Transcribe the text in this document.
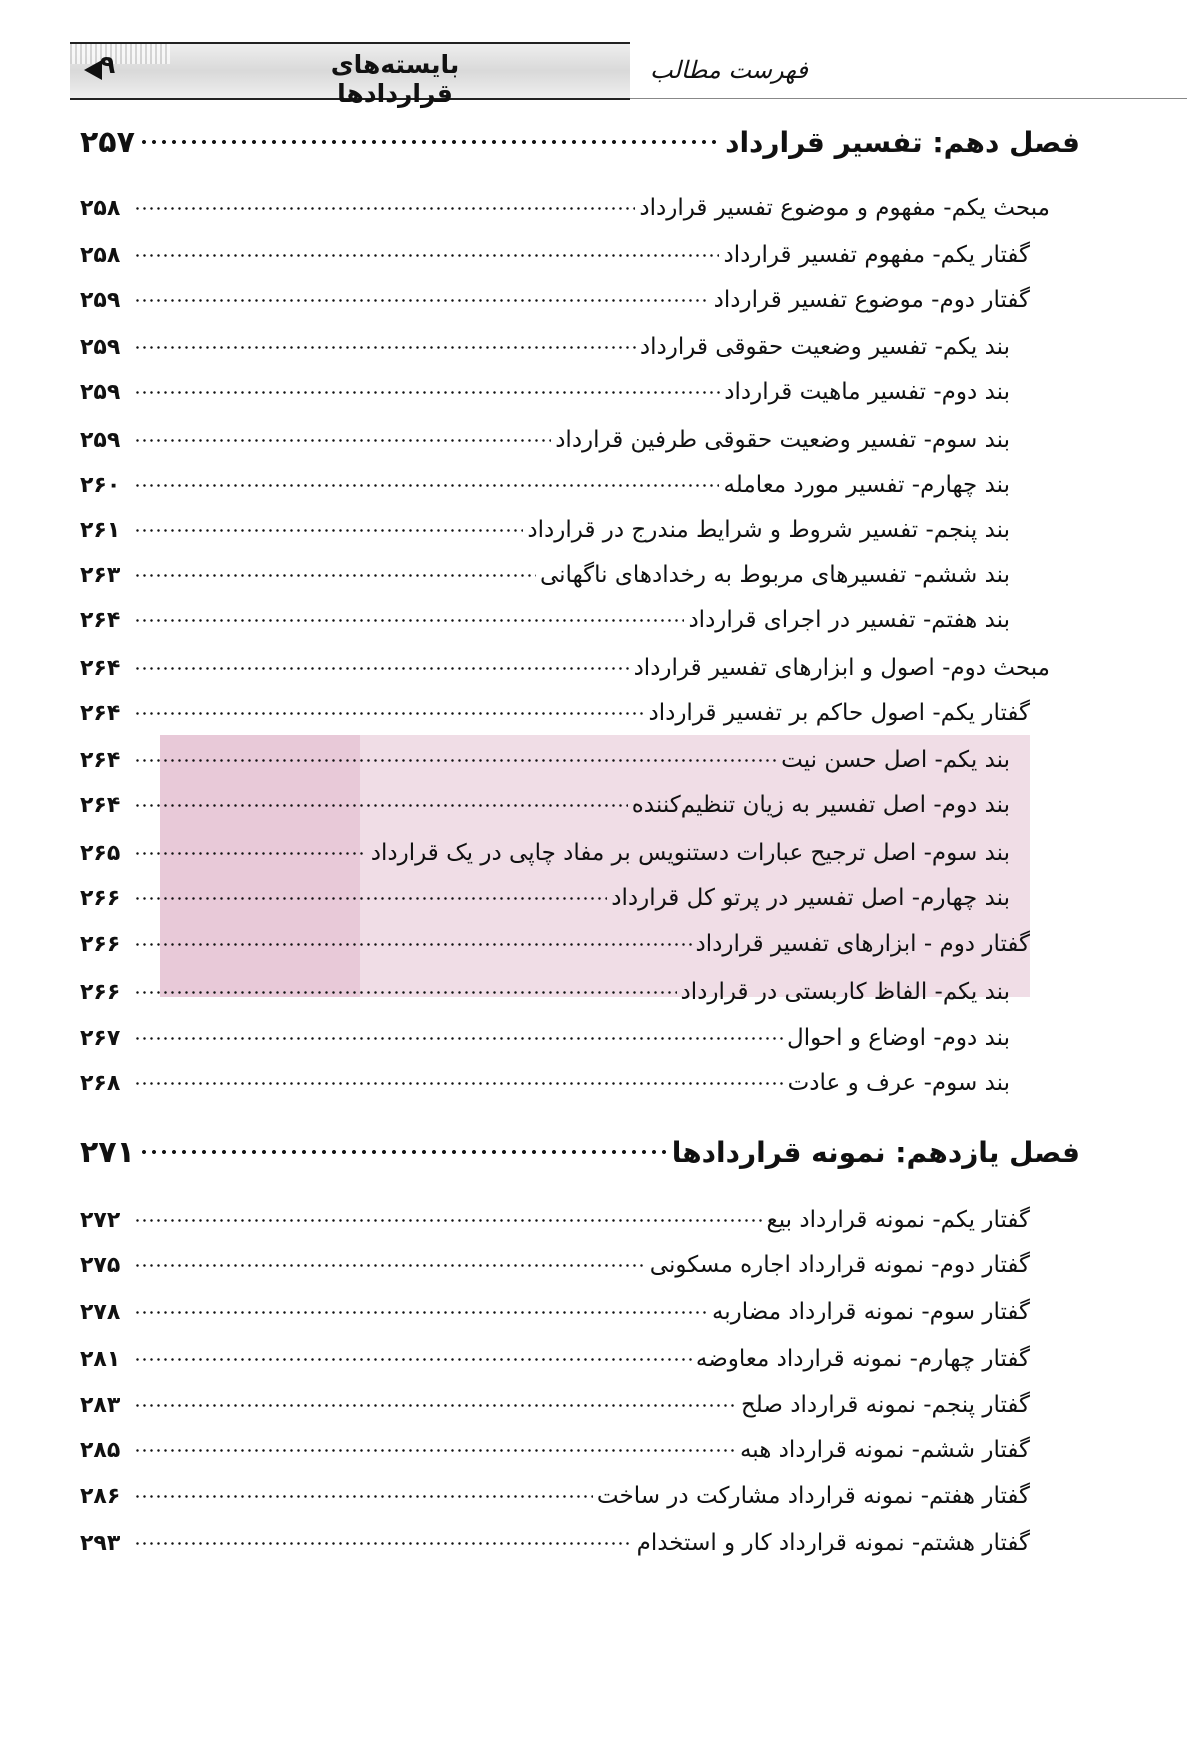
۹	بایسته‌های قراردادها
فهرست مطالب
فصل دهم: تفسیر قرارداد
۲۵۷
مبحث یکم- مفهوم و موضوع تفسیر قرارداد
۲۵۸
گفتار یکم- مفهوم تفسیر قرارداد
۲۵۸
گفتار دوم- موضوع تفسیر قرارداد
۲۵۹
بند یکم- تفسیر وضعیت حقوقی قرارداد
۲۵۹
بند دوم- تفسیر ماهیت قرارداد
۲۵۹
بند سوم- تفسیر وضعیت حقوقی طرفین قرارداد
۲۵۹
بند چهارم- تفسیر مورد معامله
۲۶۰
بند پنجم- تفسیر شروط و شرایط مندرج در قرارداد
۲۶۱
بند ششم- تفسیرهای مربوط به رخدادهای ناگهانی
۲۶۳
بند هفتم- تفسیر در اجرای قرارداد
۲۶۴
مبحث دوم- اصول و ابزارهای تفسیر قرارداد
۲۶۴
گفتار یکم- اصول حاکم بر تفسیر قرارداد
۲۶۴
بند یکم- اصل حسن نیت
۲۶۴
بند دوم- اصل تفسیر به زیان تنظیم‌کننده
۲۶۴
بند سوم- اصل ترجیح عبارات دستنویس بر مفاد چاپی در یک قرارداد
۲۶۵
بند چهارم- اصل تفسیر در پرتو کل قرارداد
۲۶۶
گفتار دوم - ابزارهای تفسیر قرارداد
۲۶۶
بند یکم- الفاظ کاربستی در قرارداد
۲۶۶
بند دوم- اوضاع و احوال
۲۶۷
بند سوم- عرف و عادت
۲۶۸
فصل یازدهم: نمونه قراردادها
۲۷۱
گفتار یکم- نمونه قرارداد بیع
۲۷۲
گفتار دوم- نمونه قرارداد اجاره مسکونی
۲۷۵
گفتار سوم- نمونه قرارداد مضاربه
۲۷۸
گفتار چهارم- نمونه قرارداد معاوضه
۲۸۱
گفتار پنجم- نمونه قرارداد صلح
۲۸۳
گفتار ششم- نمونه قرارداد هبه
۲۸۵
گفتار هفتم- نمونه قرارداد مشارکت در ساخت
۲۸۶
گفتار هشتم- نمونه قرارداد کار و استخدام
۲۹۳
